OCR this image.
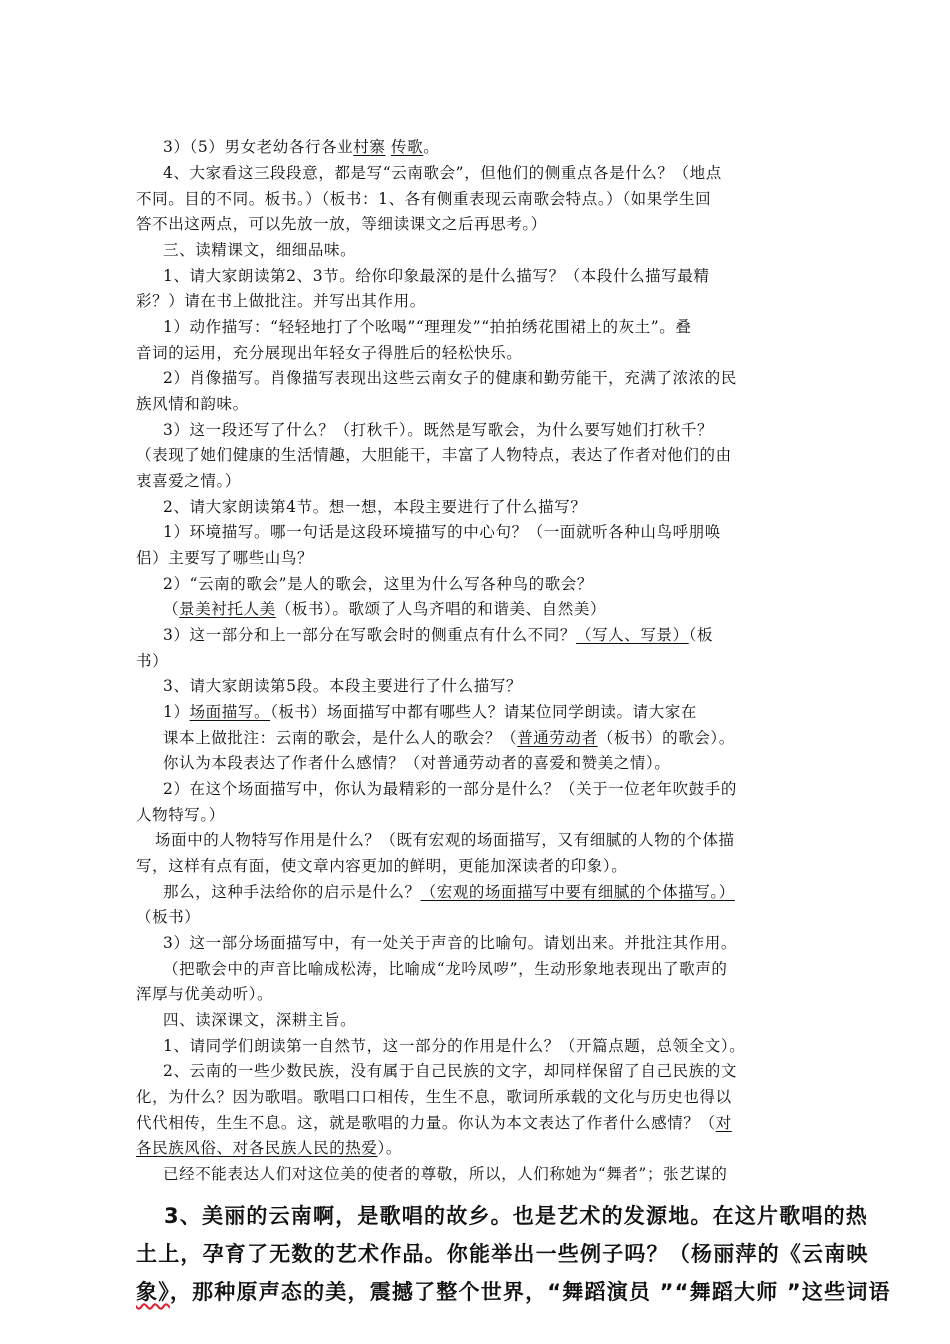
3）（5）男女老幼各行各业村寨 传歌。
4、大家看这三段段意，都是写“云南歌会”，但他们的侧重点各是什么？（地点
不同。目的不同。板书。）（板书：1、各有侧重表现云南歌会特点。）（如果学生回
答不出这两点，可以先放一放，等细读课文之后再思考。）
三、读精课文，细细品味。
1、请大家朗读第2、3节。给你印象最深的是什么描写？（本段什么描写最精
彩？）请在书上做批注。并写出其作用。
1）动作描写：“轻轻地打了个吆喝”“理理发”“拍拍绣花围裙上的灰土”。叠
音词的运用，充分展现出年轻女子得胜后的轻松快乐。
2）肖像描写。肖像描写表现出这些云南女子的健康和勤劳能干，充满了浓浓的民
族风情和韵味。
3）这一段还写了什么？（打秋千）。既然是写歌会，为什么要写她们打秋千？
（表现了她们健康的生活情趣，大胆能干，丰富了人物特点，表达了作者对他们的由
衷喜爱之情。）
2、请大家朗读第4节。想一想，本段主要进行了什么描写？
1）环境描写。哪一句话是这段环境描写的中心句？（一面就听各种山鸟呼朋唤
侣）主要写了哪些山鸟？
2）“云南的歌会”是人的歌会，这里为什么写各种鸟的歌会？
（景美衬托人美（板书）。歌颂了人鸟齐唱的和谐美、自然美）
3）这一部分和上一部分在写歌会时的侧重点有什么不同？（写人、写景）（板
书）
3、请大家朗读第5段。本段主要进行了什么描写？
1）场面描写。（板书）场面描写中都有哪些人？请某位同学朗读。请大家在
课本上做批注：云南的歌会，是什么人的歌会？（普通劳动者（板书）的歌会）。
你认为本段表达了作者什么感情？（对普通劳动者的喜爱和赞美之情）。
2）在这个场面描写中，你认为最精彩的一部分是什么？（关于一位老年吹鼓手的
人物特写。）
场面中的人物特写作用是什么？（既有宏观的场面描写，又有细腻的人物的个体描
写，这样有点有面，使文章内容更加的鲜明，更能加深读者的印象）。
那么，这种手法给你的启示是什么？（宏观的场面描写中要有细腻的个体描写。）
（板书）
3）这一部分场面描写中，有一处关于声音的比喻句。请划出来。并批注其作用。
（把歌会中的声音比喻成松涛，比喻成“龙吟凤哕”，生动形象地表现出了歌声的
浑厚与优美动听）。
四、读深课文，深耕主旨。
1、请同学们朗读第一自然节，这一部分的作用是什么？（开篇点题，总领全文）。
2、云南的一些少数民族，没有属于自己民族的文字，却同样保留了自己民族的文
化，为什么？因为歌唱。歌唱口口相传，生生不息，歌词所承载的文化与历史也得以
代代相传，生生不息。这，就是歌唱的力量。你认为本文表达了作者什么感情？（对
各民族风俗、对各民族人民的热爱）。
已经不能表达人们对这位美的使者的尊敬，所以，人们称她为“舞者”；张艺谋的
3、美丽的云南啊，是歌唱的故乡。也是艺术的发源地。在这片歌唱的热
土上，孕育了无数的艺术作品。你能举出一些例子吗？（杨丽萍的《云南映
象》，那种原声态的美，震撼了整个世界，“舞蹈演员 ”“舞蹈大师 ”这些词语
